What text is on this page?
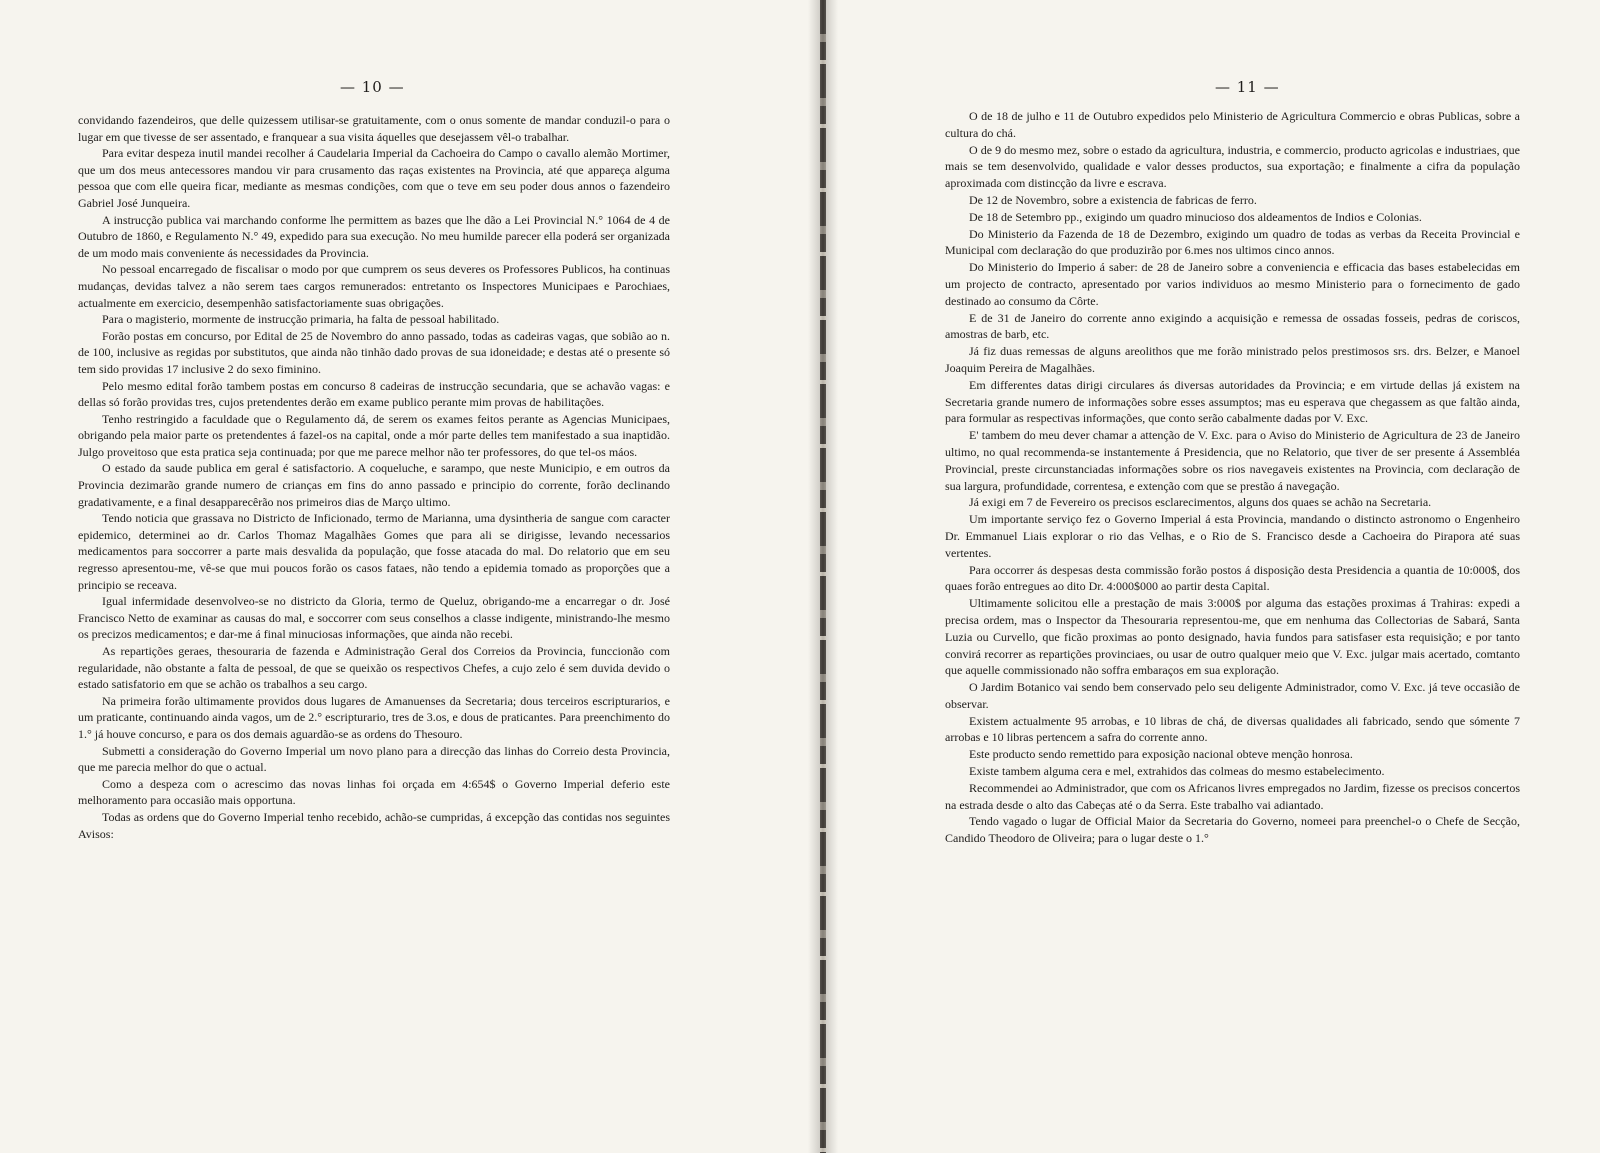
— 10 —

convidando fazendeiros, que delle quizessem utilisar-se gratuitamente, com o onus somente de mandar conduzil-o para o lugar em que tivesse de ser assentado, e franquear a sua visita áquelles que desejassem vêl-o trabalhar.

Para evitar despeza inutil mandei recolher á Caudelaria Imperial da Cachoeira do Campo o cavallo alemão Mortimer, que um dos meus antecessores mandou vir para crusamento das raças existentes na Provincia, até que appareça alguma pessoa que com elle queira ficar, mediante as mesmas condições, com que o teve em seu poder dous annos o fazendeiro Gabriel José Junqueira.

A instrucção publica vai marchando conforme lhe permittem as bazes que lhe dão a Lei Provincial N.° 1064 de 4 de Outubro de 1860, e Regulamento N.° 49, expedido para sua execução. No meu humilde parecer ella poderá ser organizada de um modo mais conveniente ás necessidades da Provincia.

No pessoal encarregado de fiscalisar o modo por que cumprem os seus deveres os Professores Publicos, ha continuas mudanças, devidas talvez a não serem taes cargos remunerados: entretanto os Inspectores Municipaes e Parochiaes, actualmente em exercicio, desempenhão satisfactoriamente suas obrigações.

Para o magisterio, mormente de instrucção primaria, ha falta de pessoal habilitado.

Forão postas em concurso, por Edital de 25 de Novembro do anno passado, todas as cadeiras vagas, que sobião ao n. de 100, inclusive as regidas por substitutos, que ainda não tinhão dado provas de sua idoneidade; e destas até o presente só tem sido providas 17 inclusive 2 do sexo fiminino.

Pelo mesmo edital forão tambem postas em concurso 8 cadeiras de instrucção secundaria, que se achavão vagas: e dellas só forão providas tres, cujos pretendentes derão em exame publico perante mim provas de habilitações.

Tenho restringido a faculdade que o Regulamento dá, de serem os exames feitos perante as Agencias Municipaes, obrigando pela maior parte os pretendentes á fazel-os na capital, onde a mór parte delles tem manifestado a sua inaptidão. Julgo proveitoso que esta pratica seja continuada; por que me parece melhor não ter professores, do que tel-os máos.

O estado da saude publica em geral é satisfactorio. A coqueluche, e sarampo, que neste Municipio, e em outros da Provincia dezimarão grande numero de crianças em fins do anno passado e principio do corrente, forão declinando gradativamente, e a final desapparecêrão nos primeiros dias de Março ultimo.

Tendo noticia que grassava no Districto de Inficionado, termo de Marianna, uma dysintheria de sangue com caracter epidemico, determinei ao dr. Carlos Thomaz Magalhães Gomes que para ali se dirigisse, levando necessarios medicamentos para soccorrer a parte mais desvalida da população, que fosse atacada do mal. Do relatorio que em seu regresso apresentou-me, vê-se que mui poucos forão os casos fataes, não tendo a epidemia tomado as proporções que a principio se receava.

Igual infermidade desenvolveo-se no districto da Gloria, termo de Queluz, obrigando-me a encarregar o dr. José Francisco Netto de examinar as causas do mal, e soccorrer com seus conselhos a classe indigente, ministrando-lhe mesmo os precizos medicamentos; e dar-me á final minuciosas informações, que ainda não recebi.

As repartições geraes, thesouraria de fazenda e Administração Geral dos Correios da Provincia, funccionão com regularidade, não obstante a falta de pessoal, de que se queixão os respectivos Chefes, a cujo zelo é sem duvida devido o estado satisfatorio em que se achão os trabalhos a seu cargo.

Na primeira forão ultimamente providos dous lugares de Amanuenses da Secretaria; dous terceiros escripturarios, e um praticante, continuando ainda vagos, um de 2.° escripturario, tres de 3.os, e dous de praticantes. Para preenchimento do 1.° já houve concurso, e para os dos demais aguardão-se as ordens do Thesouro.

Submetti a consideração do Governo Imperial um novo plano para a direcção das linhas do Correio desta Provincia, que me parecia melhor do que o actual.

Como a despeza com o acrescimo das novas linhas foi orçada em 4:654$ o Governo Imperial deferio este melhoramento para occasião mais opportuna.

Todas as ordens que do Governo Imperial tenho recebido, achão-se cumpridas, á excepção das contidas nos seguintes Avisos:

— 11 —

O de 18 de julho e 11 de Outubro expedidos pelo Ministerio de Agricultura Commercio e obras Publicas, sobre a cultura do chá.

O de 9 do mesmo mez, sobre o estado da agricultura, industria, e commercio, producto agricolas e industriaes, que mais se tem desenvolvido, qualidade e valor desses productos, sua exportação; e finalmente a cifra da população aproximada com distincção da livre e escrava.

De 12 de Novembro, sobre a existencia de fabricas de ferro.

De 18 de Setembro pp., exigindo um quadro minucioso dos aldeamentos de Indios e Colonias.

Do Ministerio da Fazenda de 18 de Dezembro, exigindo um quadro de todas as verbas da Receita Provincial e Municipal com declaração do que produzirão por 6.mes nos ultimos cinco annos.

Do Ministerio do Imperio á saber: de 28 de Janeiro sobre a conveniencia e efficacia das bases estabelecidas em um projecto de contracto, apresentado por varios individuos ao mesmo Ministerio para o fornecimento de gado destinado ao consumo da Côrte.

E de 31 de Janeiro do corrente anno exigindo a acquisição e remessa de ossadas fosseis, pedras de coriscos, amostras de barb, etc.

Já fiz duas remessas de alguns areolithos que me forão ministrado pelos prestimosos srs. drs. Belzer, e Manoel Joaquim Pereira de Magalhães.

Em differentes datas dirigi circulares ás diversas autoridades da Provincia; e em virtude dellas já existem na Secretaria grande numero de informações sobre esses assumptos; mas eu esperava que chegassem as que faltão ainda, para formular as respectivas informações, que conto serão cabalmente dadas por V. Exc.

E' tambem do meu dever chamar a attenção de V. Exc. para o Aviso do Ministerio de Agricultura de 23 de Janeiro ultimo, no qual recommenda-se instantemente á Presidencia, que no Relatorio, que tiver de ser presente á Assembléa Provincial, preste circunstanciadas informações sobre os rios navegaveis existentes na Provincia, com declaração de sua largura, profundidade, correntesa, e extenção com que se prestão á navegação.

Já exigi em 7 de Fevereiro os precisos esclarecimentos, alguns dos quaes se achão na Secretaria.

Um importante serviço fez o Governo Imperial á esta Provincia, mandando o distincto astronomo o Engenheiro Dr. Emmanuel Liais explorar o rio das Velhas, e o Rio de S. Francisco desde a Cachoeira do Pirapora até suas vertentes.

Para occorrer ás despesas desta commissão forão postos á disposição desta Presidencia a quantia de 10:000$, dos quaes forão entregues ao dito Dr. 4:000$000 ao partir desta Capital.

Ultimamente solicitou elle a prestação de mais 3:000$ por alguma das estações proximas á Trahiras: expedi a precisa ordem, mas o Inspector da Thesouraria representou-me, que em nenhuma das Collectorias de Sabará, Santa Luzia ou Curvello, que ficão proximas ao ponto designado, havia fundos para satisfaser esta requisição; e por tanto convirá recorrer as repartições provinciaes, ou usar de outro qualquer meio que V. Exc. julgar mais acertado, comtanto que aquelle commissionado não soffra embaraços em sua exploração.

O Jardim Botanico vai sendo bem conservado pelo seu deligente Administrador, como V. Exc. já teve occasião de observar.

Existem actualmente 95 arrobas, e 10 libras de chá, de diversas qualidades ali fabricado, sendo que sómente 7 arrobas e 10 libras pertencem a safra do corrente anno.

Este producto sendo remettido para exposição nacional obteve menção honrosa.

Existe tambem alguma cera e mel, extrahidos das colmeas do mesmo estabelecimento.

Recommendei ao Administrador, que com os Africanos livres empregados no Jardim, fizesse os precisos concertos na estrada desde o alto das Cabeças até o da Serra. Este trabalho vai adiantado.

Tendo vagado o lugar de Official Maior da Secretaria do Governo, nomeei para preenchel-o o Chefe de Secção, Candido Theodoro de Oliveira; para o lugar deste o 1.°
